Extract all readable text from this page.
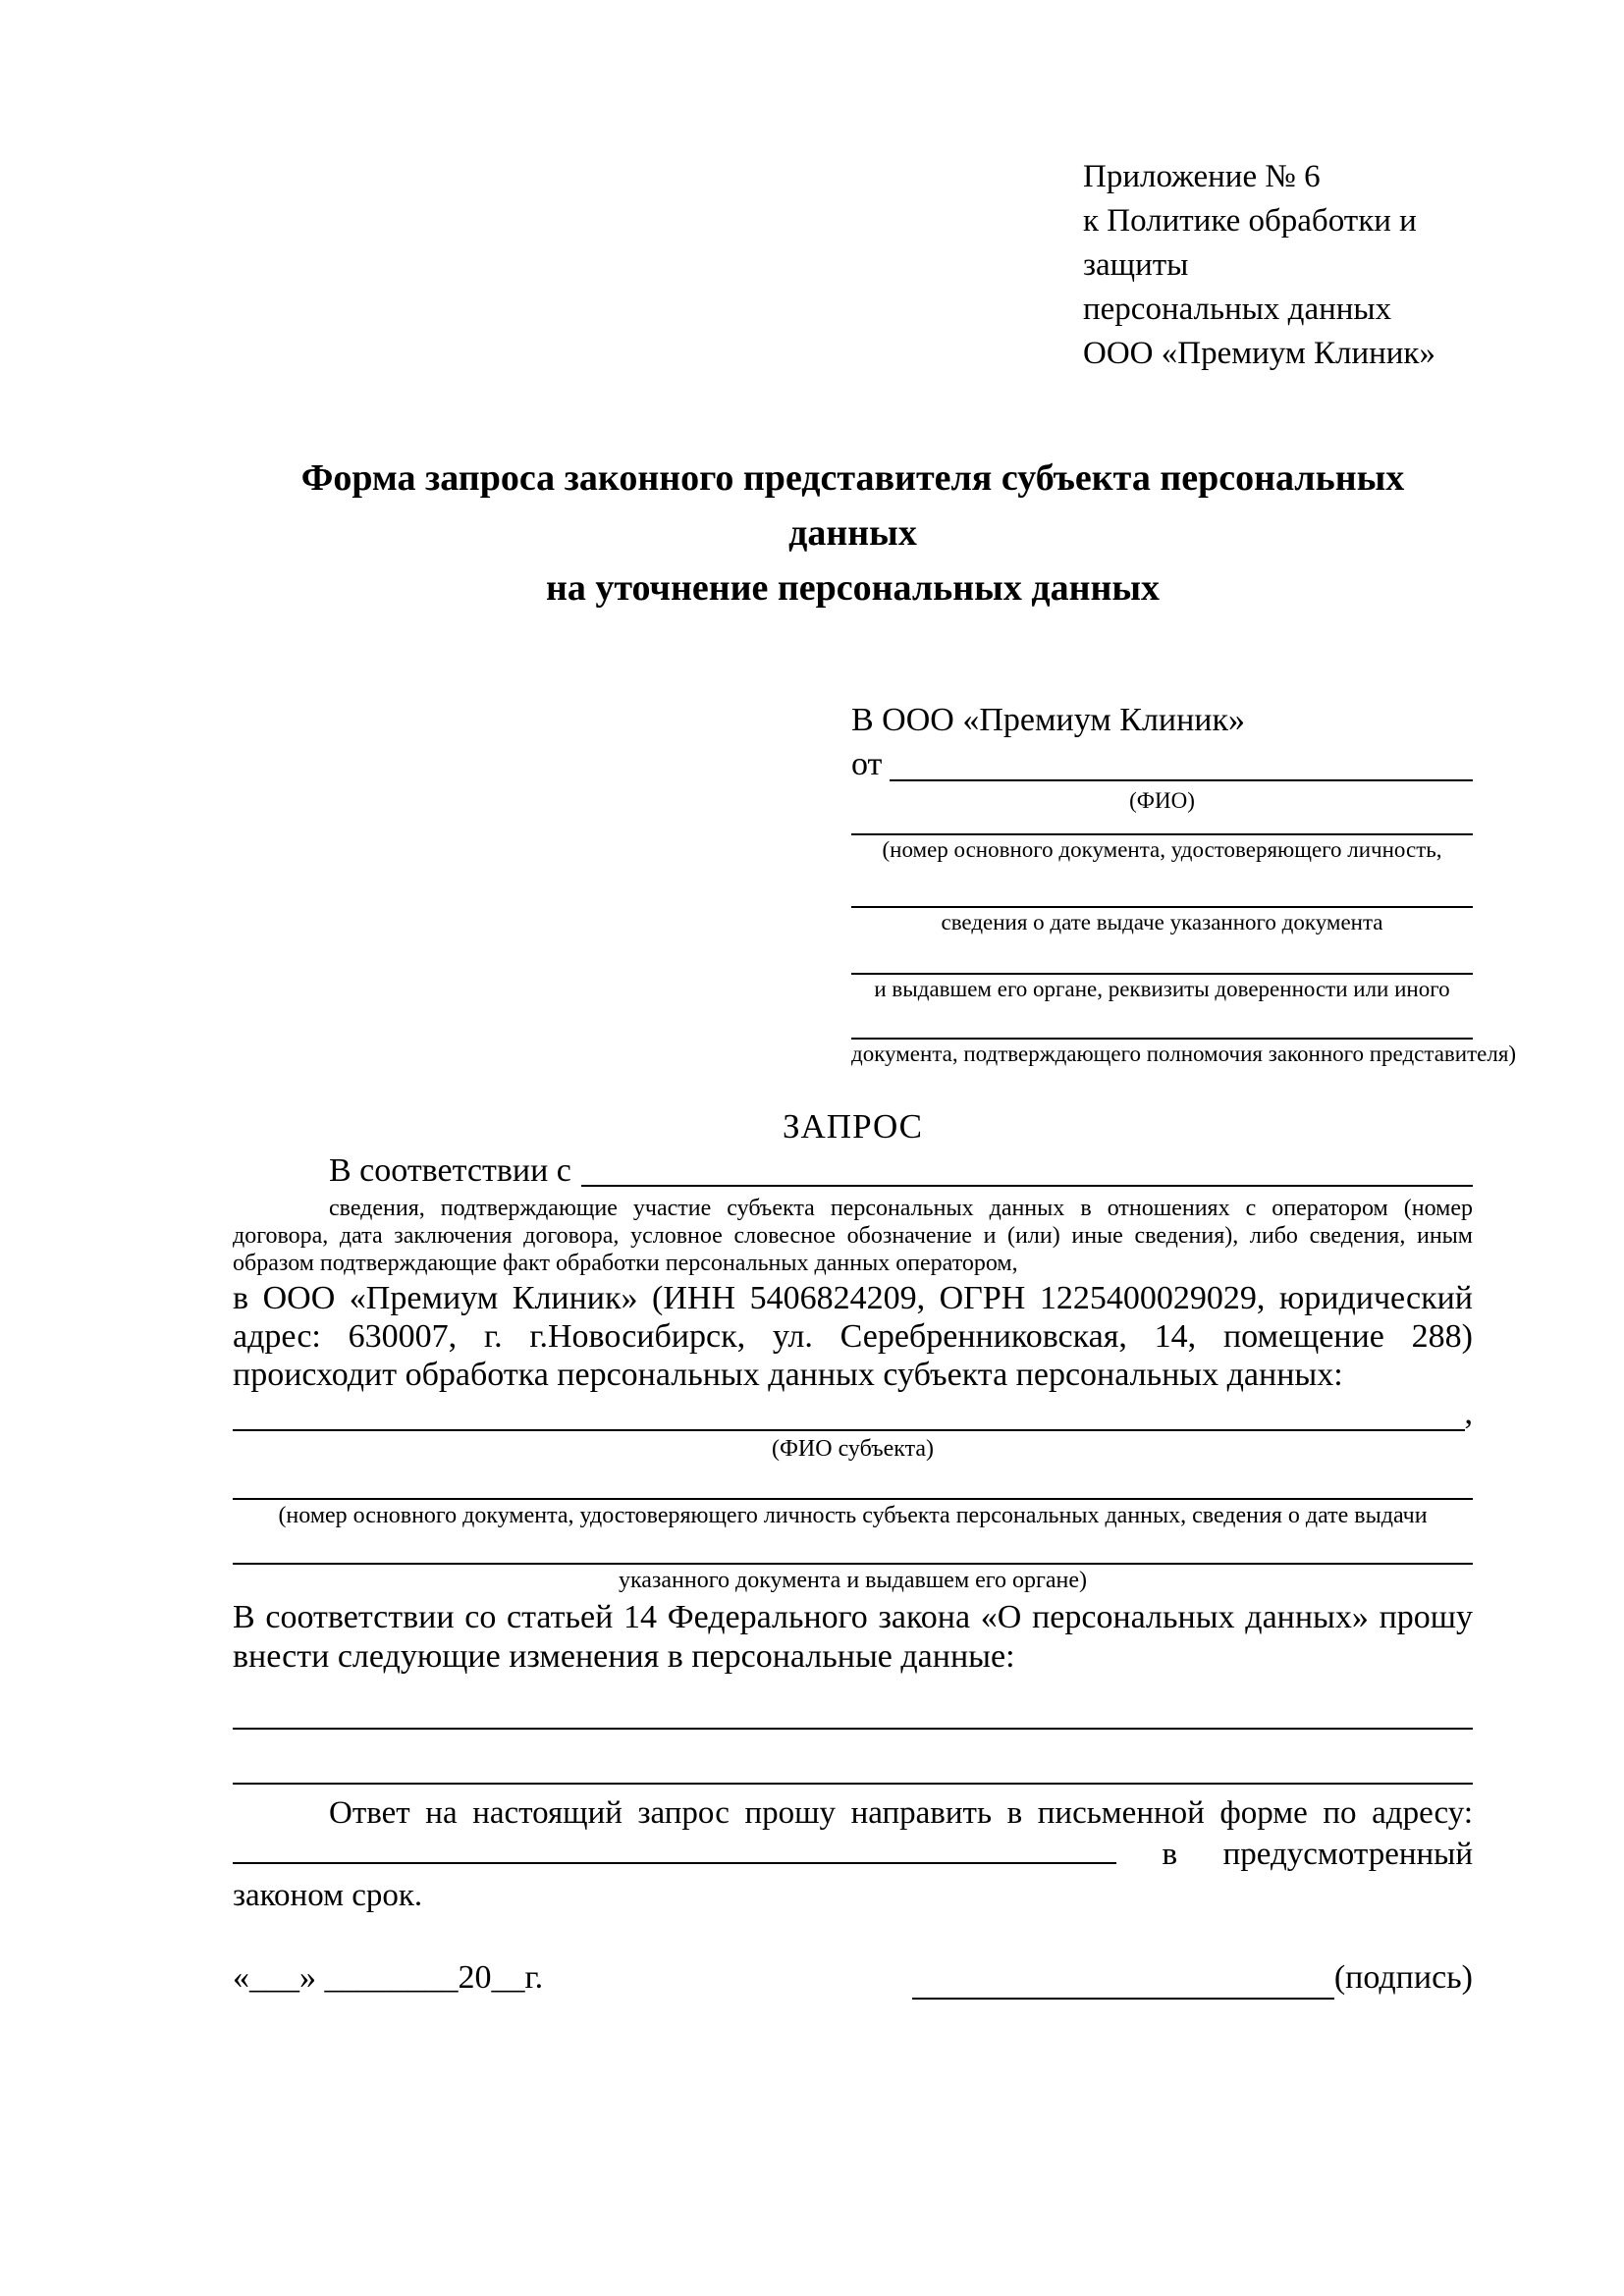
Приложение № 6
к Политике обработки и защиты
персональных данных
ООО «Премиум Клиник»
Форма запроса законного представителя субъекта персональных данных
на уточнение персональных данных
В ООО «Премиум Клиник»
от
(ФИО)
(номер основного документа, удостоверяющего личность,
сведения о дате выдаче указанного документа
и выдавшем его органе, реквизиты доверенности или иного
документа, подтверждающего полномочия законного представителя)
ЗАПРОС
В соответствии с
сведения, подтверждающие участие субъекта персональных данных в отношениях с оператором (номер договора, дата заключения договора, условное словесное обозначение и (или) иные сведения), либо сведения, иным образом подтверждающие факт обработки персональных данных оператором,
в ООО «Премиум Клиник» (ИНН 5406824209, ОГРН 1225400029029, юридический адрес: 630007, г. г.Новосибирск, ул. Серебренниковская, 14, помещение 288) происходит обработка персональных данных субъекта персональных данных:
,
(ФИО субъекта)
(номер основного документа, удостоверяющего личность субъекта персональных данных, сведения о дате выдачи
указанного документа и выдавшем его органе)
В соответствии со статьей 14 Федерального закона «О персональных данных» прошу внести следующие изменения в персональные данные:
Ответ на настоящий запрос прошу направить в письменной форме по адресу:  в предусмотренный законом срок.
«___» ________20__г.	(подпись)
